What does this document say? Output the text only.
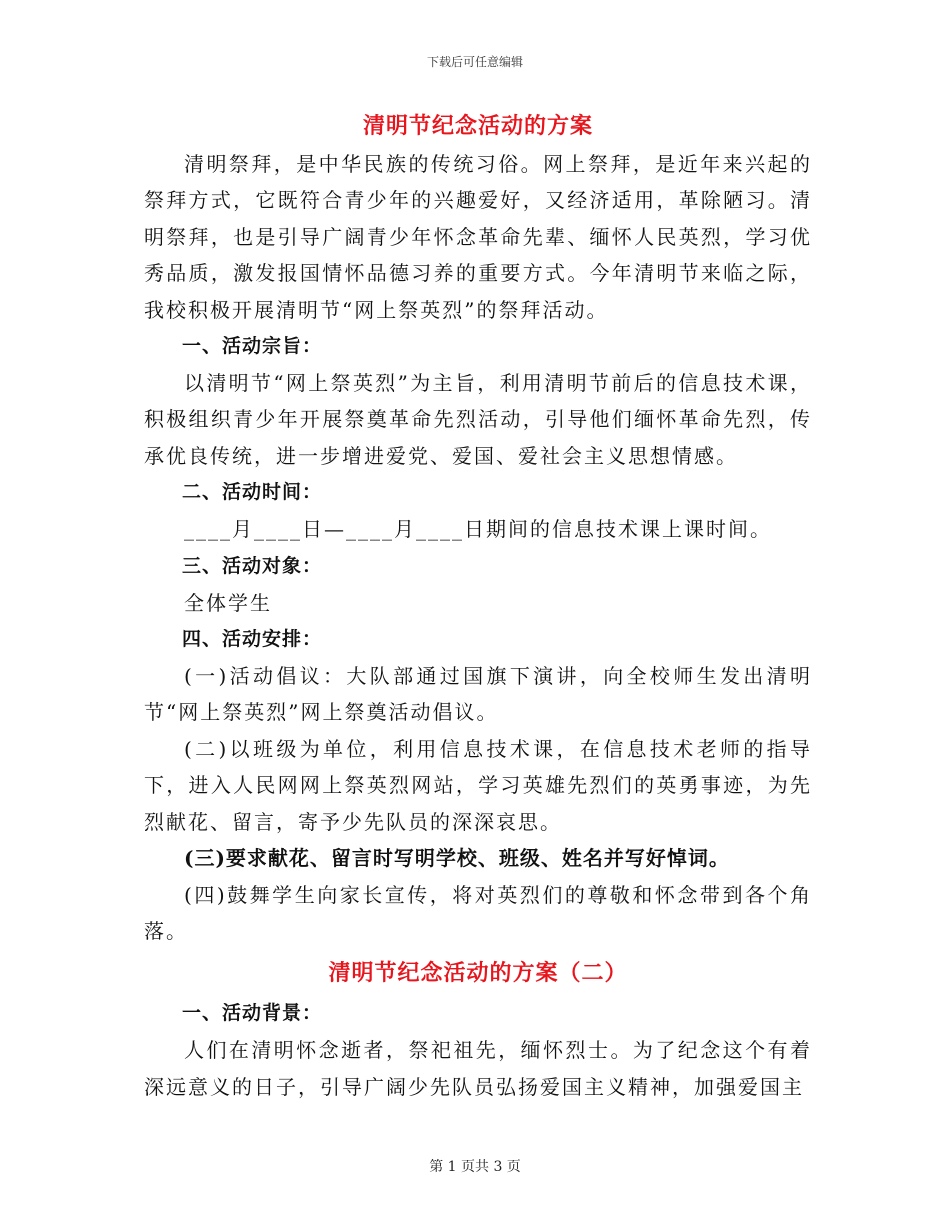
下载后可任意编辑
清明节纪念活动的方案

清明祭拜，是中华民族的传统习俗。网上祭拜，是近年来兴起的祭拜方式，它既符合青少年的兴趣爱好，又经济适用，革除陋习。清明祭拜，也是引导广阔青少年怀念革命先辈、缅怀人民英烈，学习优秀品质，激发报国情怀品德习养的重要方式。今年清明节来临之际，我校积极开展清明节“网上祭英烈”的祭拜活动。

一、活动宗旨：

以清明节“网上祭英烈”为主旨，利用清明节前后的信息技术课，积极组织青少年开展祭奠革命先烈活动，引导他们缅怀革命先烈，传承优良传统，进一步增进爱党、爱国、爱社会主义思想情感。

二、活动时间：

____月____日—____月____日期间的信息技术课上课时间。

三、活动对象：

全体学生

四、活动安排：

(一)活动倡议：大队部通过国旗下演讲，向全校师生发出清明节“网上祭英烈”网上祭奠活动倡议。

(二)以班级为单位，利用信息技术课，在信息技术老师的指导下，进入人民网网上祭英烈网站，学习英雄先烈们的英勇事迹，为先烈献花、留言，寄予少先队员的深深哀思。

(三)要求献花、留言时写明学校、班级、姓名并写好悼词。

(四)鼓舞学生向家长宣传，将对英烈们的尊敬和怀念带到各个角落。

清明节纪念活动的方案（二）

一、活动背景：

人们在清明怀念逝者，祭祀祖先，缅怀烈士。为了纪念这个有着深远意义的日子，引导广阔少先队员弘扬爱国主义精神，加强爱国主

第 1 页共 3 页
